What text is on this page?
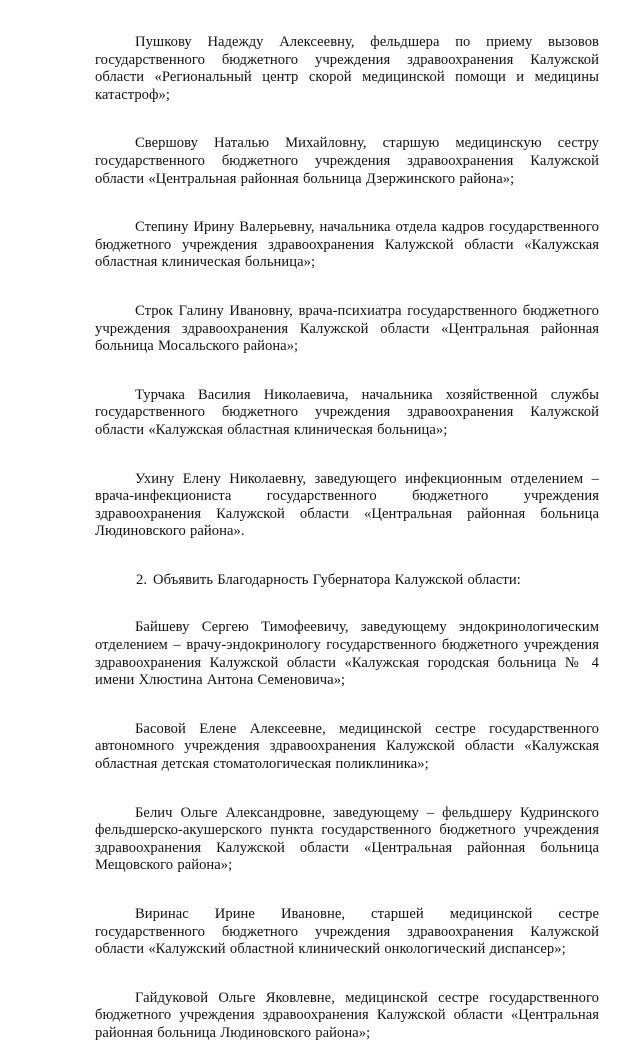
Пушкову Надежду Алексеевну, фельдшера по приему вызовов государственного бюджетного учреждения здравоохранения Калужской области «Региональный центр скорой медицинской помощи и медицины катастроф»;

Свершову Наталью Михайловну, старшую медицинскую сестру государственного бюджетного учреждения здравоохранения Калужской области «Центральная районная больница Дзержинского района»;

Степину Ирину Валерьевну, начальника отдела кадров государственного бюджетного учреждения здравоохранения Калужской области «Калужская областная клиническая больница»;

Строк Галину Ивановну, врача-психиатра государственного бюджетного учреждения здравоохранения Калужской области «Центральная районная больница Мосальского района»;

Турчака Василия Николаевича, начальника хозяйственной службы государственного бюджетного учреждения здравоохранения Калужской области «Калужская областная клиническая больница»;

Ухину Елену Николаевну, заведующего инфекционным отделением – врача-инфекциониста государственного бюджетного учреждения здравоохранения Калужской области «Центральная районная больница Людиновского района».

2. Объявить Благодарность Губернатора Калужской области:

Байшеву Сергею Тимофеевичу, заведующему эндокринологическим отделением – врачу-эндокринологу государственного бюджетного учреждения здравоохранения Калужской области «Калужская городская больница № 4 имени Хлюстина Антона Семеновича»;

Басовой Елене Алексеевне, медицинской сестре государственного автономного учреждения здравоохранения Калужской области «Калужская областная детская стоматологическая поликлиника»;

Белич Ольге Александровне, заведующему – фельдшеру Кудринского фельдшерско-акушерского пункта государственного бюджетного учреждения здравоохранения Калужской области «Центральная районная больница Мещовского района»;

Виринас Ирине Ивановне, старшей медицинской сестре государственного бюджетного учреждения здравоохранения Калужской области «Калужский областной клинический онкологический диспансер»;

Гайдуковой Ольге Яковлевне, медицинской сестре государственного бюджетного учреждения здравоохранения Калужской области «Центральная районная больница Людиновского района»;
